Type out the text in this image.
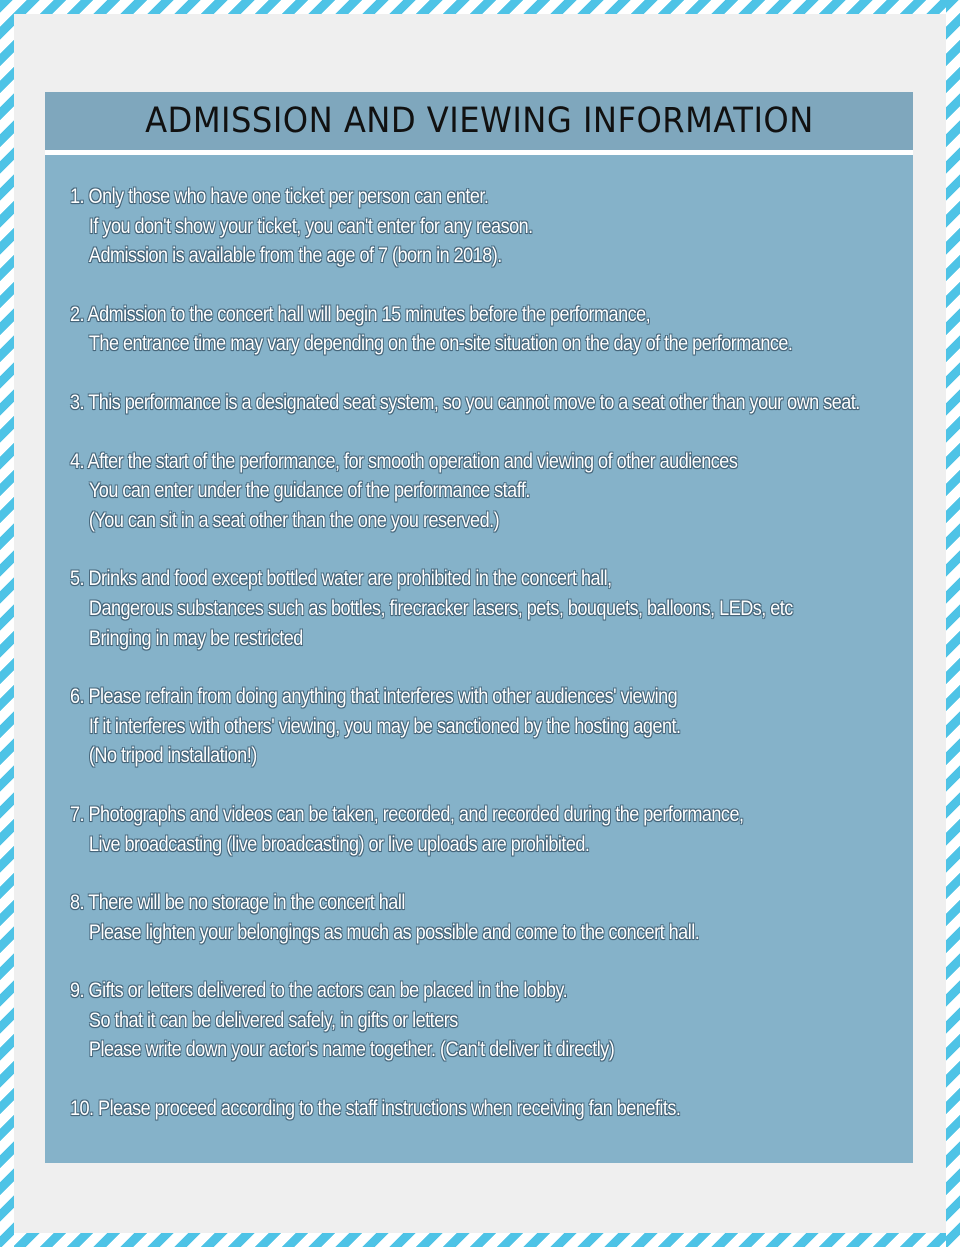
ADMISSION AND VIEWING INFORMATION
1. Only those who have one ticket per person can enter.
If you don't show your ticket, you can't enter for any reason.
Admission is available from the age of 7 (born in 2018).
2. Admission to the concert hall will begin 15 minutes before the performance,
The entrance time may vary depending on the on-site situation on the day of the performance.
3. This performance is a designated seat system, so you cannot move to a seat other than your own seat.
4. After the start of the performance, for smooth operation and viewing of other audiences
You can enter under the guidance of the performance staff.
(You can sit in a seat other than the one you reserved.)
5. Drinks and food except bottled water are prohibited in the concert hall,
Dangerous substances such as bottles, firecracker lasers, pets, bouquets, balloons, LEDs, etc
Bringing in may be restricted
6. Please refrain from doing anything that interferes with other audiences' viewing
If it interferes with others' viewing, you may be sanctioned by the hosting agent.
(No tripod installation!)
7. Photographs and videos can be taken, recorded, and recorded during the performance,
Live broadcasting (live broadcasting) or live uploads are prohibited.
8. There will be no storage in the concert hall
Please lighten your belongings as much as possible and come to the concert hall.
9. Gifts or letters delivered to the actors can be placed in the lobby.
So that it can be delivered safely, in gifts or letters
Please write down your actor's name together. (Can't deliver it directly)
10. Please proceed according to the staff instructions when receiving fan benefits.
